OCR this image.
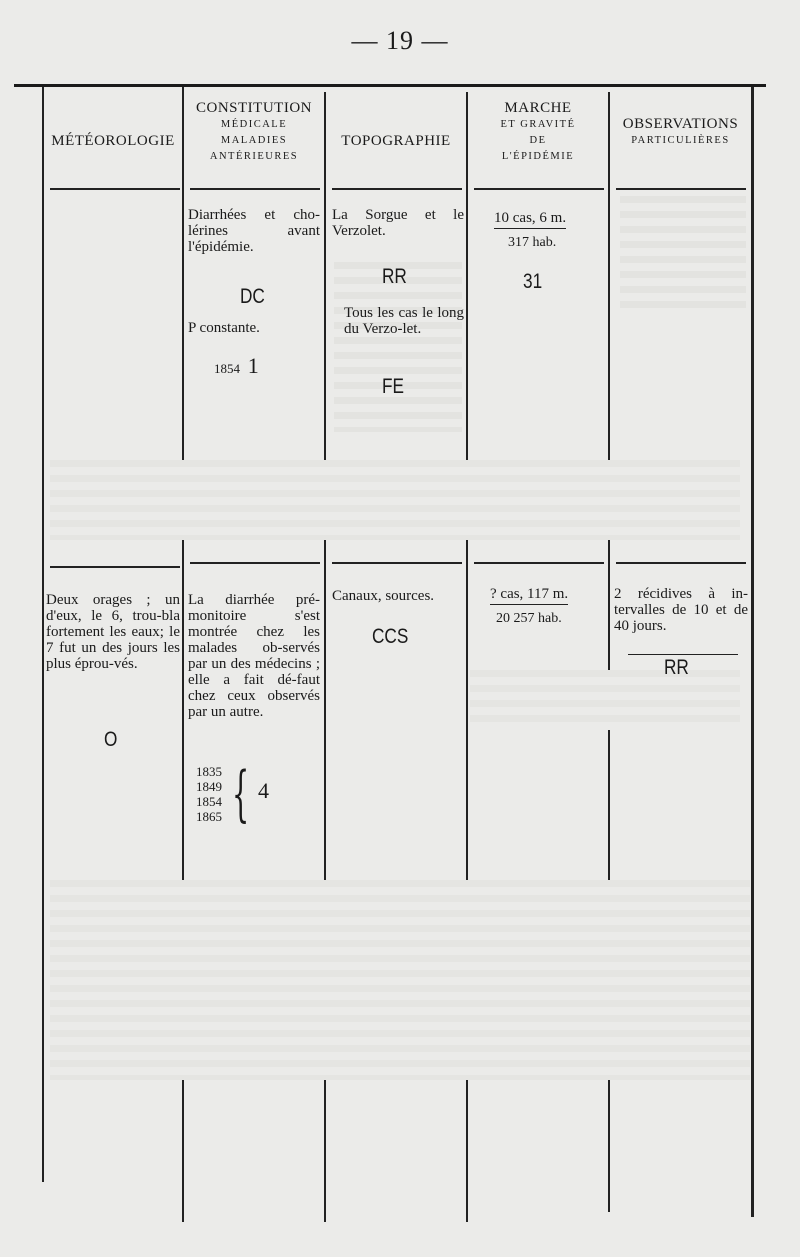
— 19 —
MÉTÉOROLOGIE
CONSTITUTION
MÉDICALE
MALADIES
ANTÉRIEURES
TOPOGRAPHIE
MARCHE
ET GRAVITÉ
DE
L'ÉPIDÉMIE
OBSERVATIONS
PARTICULIÈRES
Diarrhées et cho-lérines avant l'épidémie.
DC
P constante.
1854 1
La Sorgue et le Verzolet.
RR
Tous les cas le long du Verzo-let.
FE
10 cas, 6 m.
317 hab.
31
Deux orages ; un d'eux, le 6, trou-bla fortement les eaux; le 7 fut un des jours les plus éprou-vés.
O
La diarrhée pré-monitoire s'est montrée chez les malades ob-servés par un des médecins ; elle a fait dé-faut chez ceux observés par un autre.
1835
1849
1854
1865 { 4
Canaux, sources.
CCS
? cas, 117 m.
20 257 hab.
2 récidives à in-tervalles de 10 et de 40 jours.
RR
